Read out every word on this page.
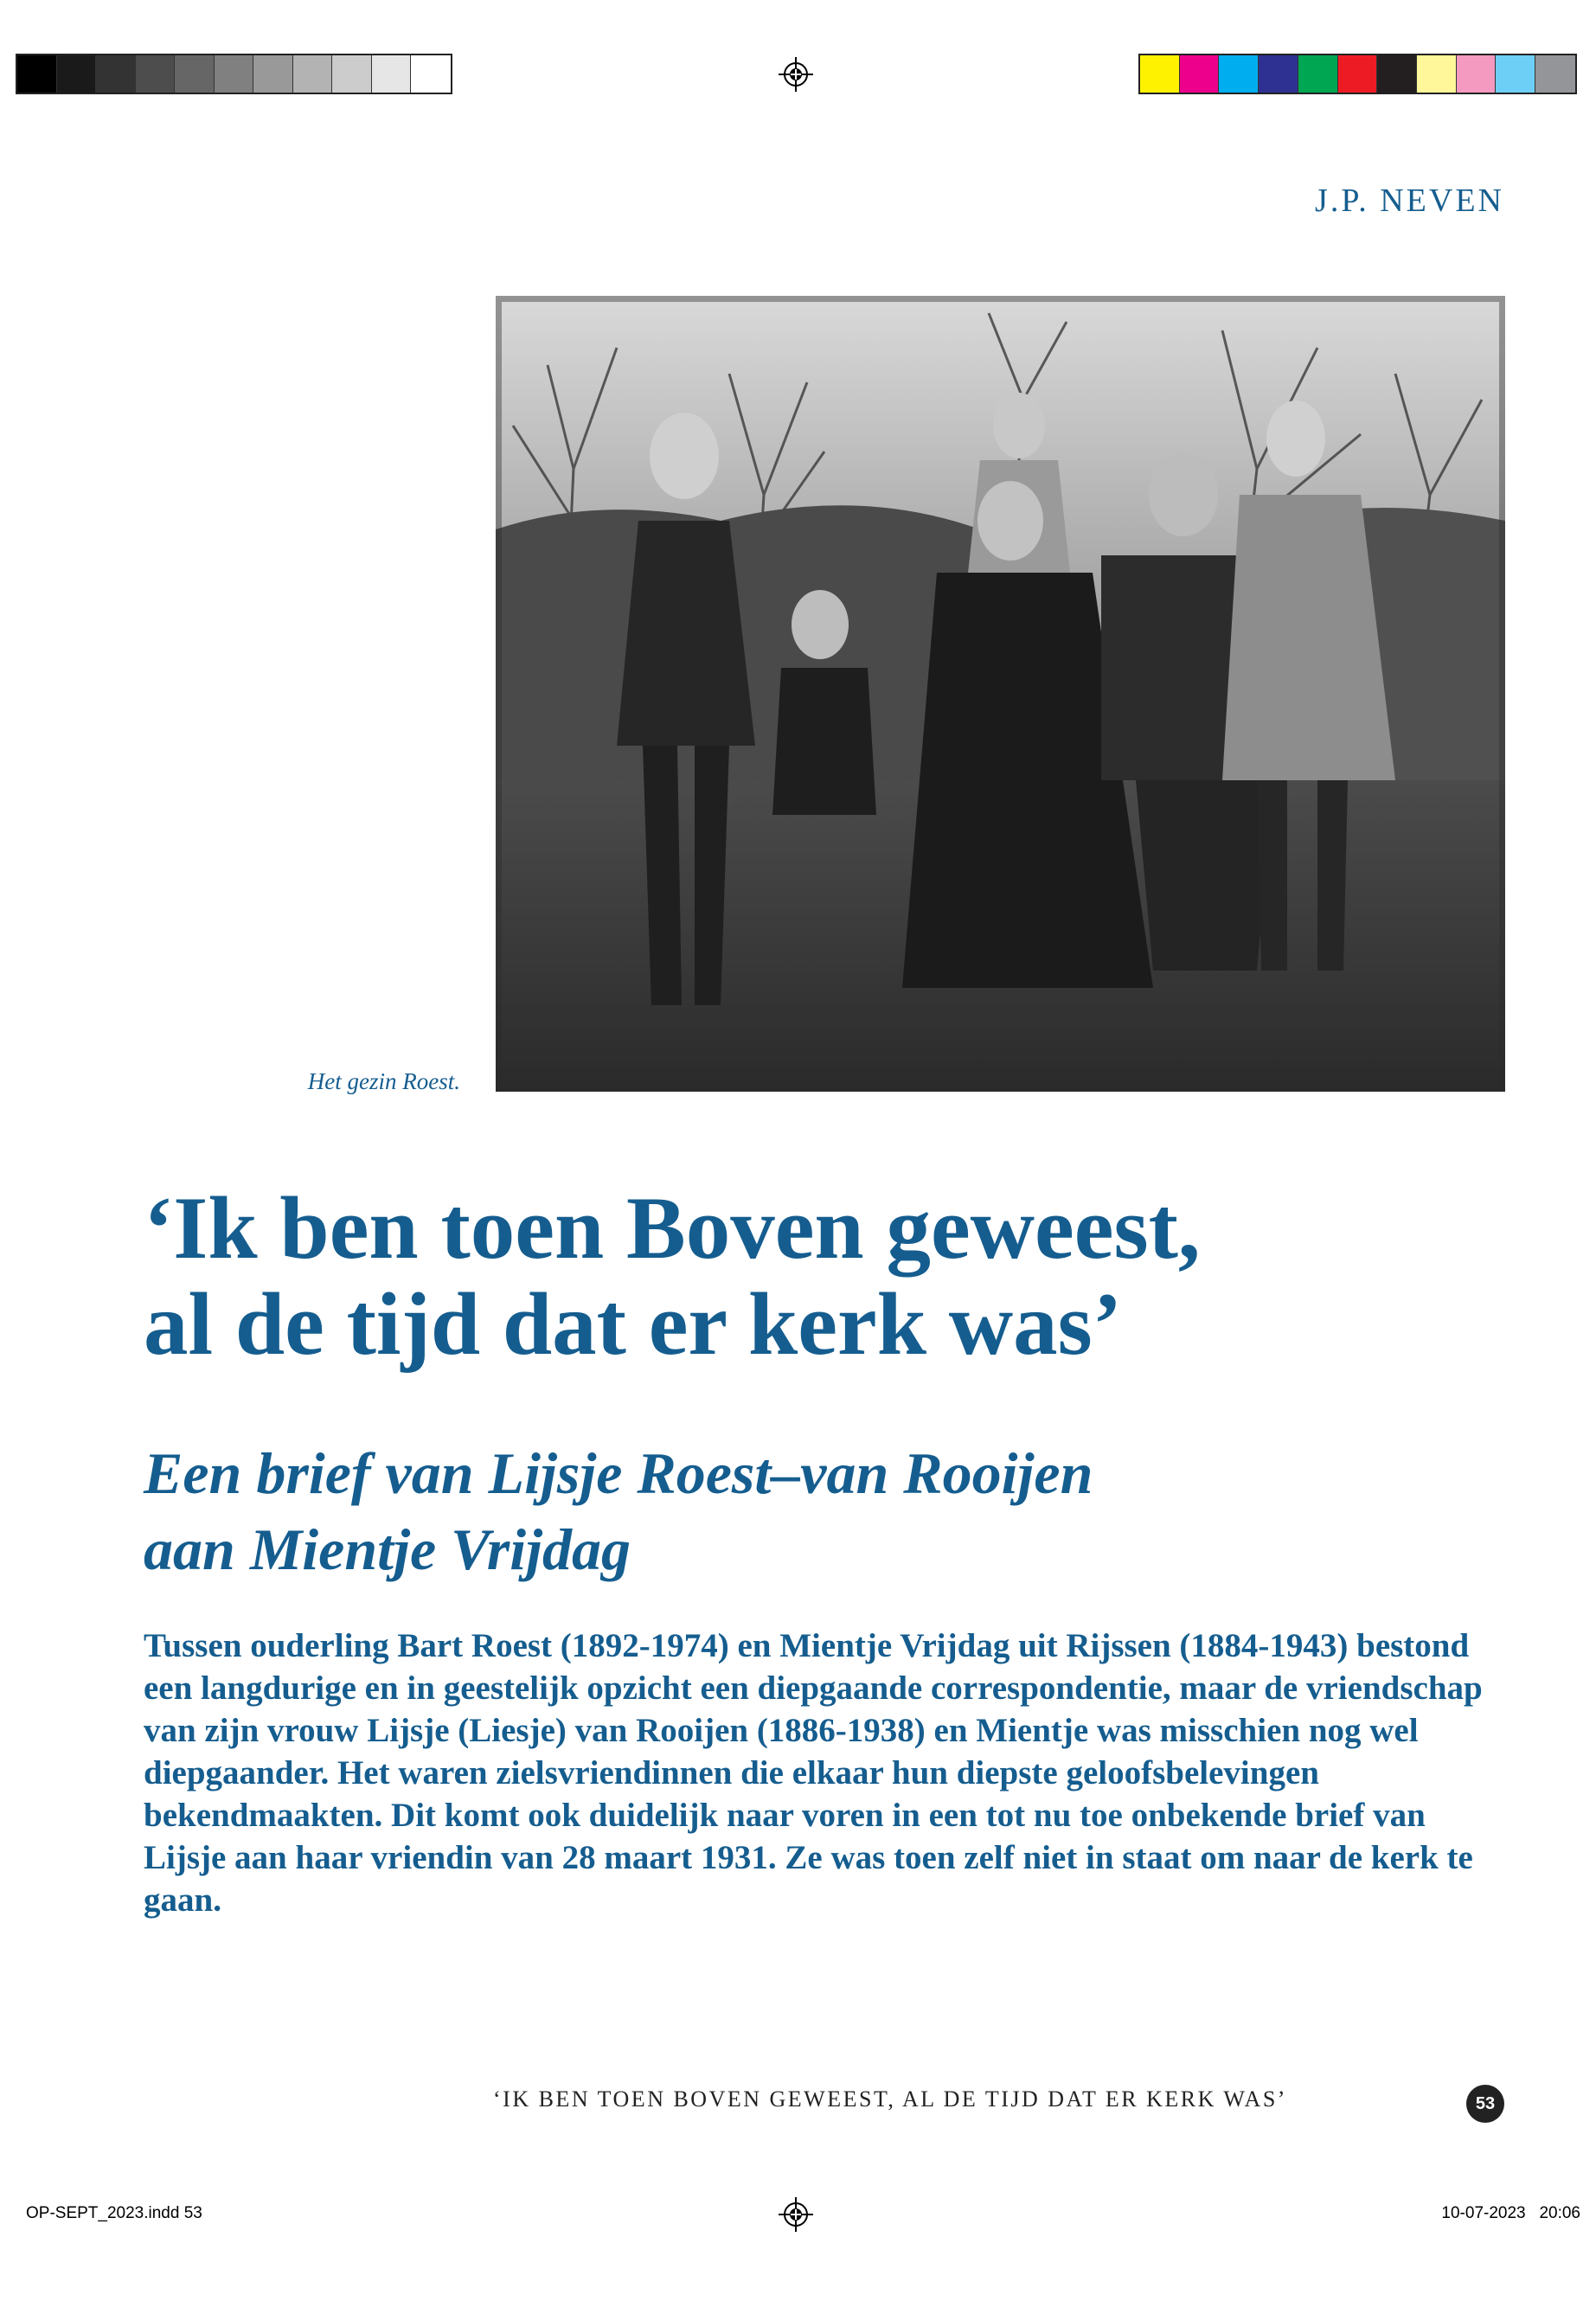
J.P. NEVEN
Het gezin Roest.
‘Ik ben toen Boven geweest,
al de tijd dat er kerk was’
Een brief van Lijsje Roest–van Rooijen
aan Mientje Vrijdag
Tussen ouderling Bart Roest (1892-1974) en Mientje Vrijdag uit Rijssen (1884-1943) bestond een langdurige en in geestelijk opzicht een diepgaande correspondentie, maar de vriendschap van zijn vrouw Lijsje (Liesje) van Rooijen (1886-1938) en Mientje was misschien nog wel diepgaander. Het waren zielsvriendinnen die elkaar hun diepste geloofsbelevingen bekendmaakten. Dit komt ook duidelijk naar voren in een tot nu toe onbekende brief van Lijsje aan haar vriendin van 28 maart 1931. Ze was toen zelf niet in staat om naar de kerk te gaan.
‘IK BEN TOEN BOVEN GEWEEST, AL DE TIJD DAT ER KERK WAS’	53
OP-SEPT_2023.indd 53	10-07-2023   20:06
